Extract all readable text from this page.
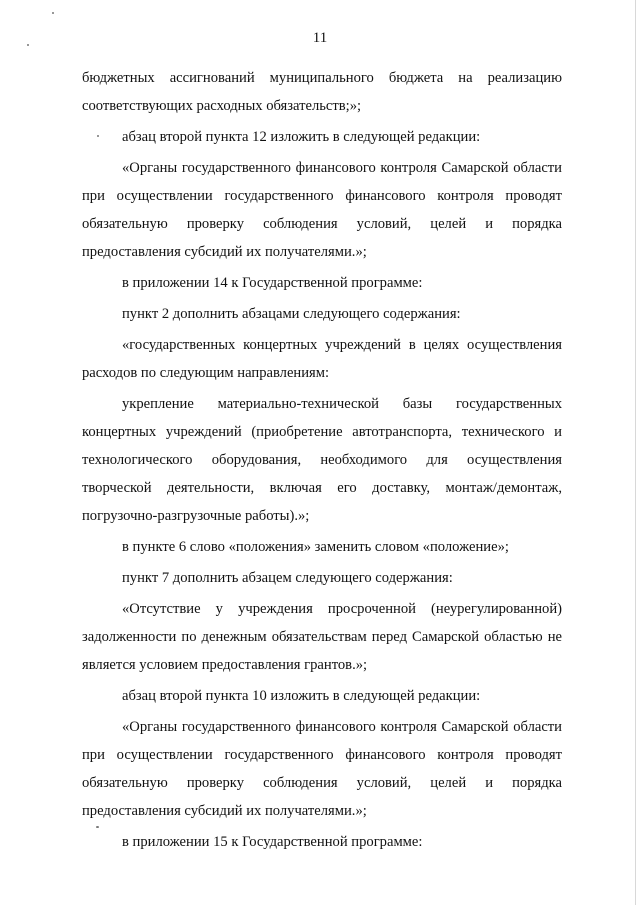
11

бюджетных ассигнований муниципального бюджета на реализацию соответствующих расходных обязательств;»;

абзац второй пункта 12 изложить в следующей редакции:

«Органы государственного финансового контроля Самарской области при осуществлении государственного финансового контроля проводят обязательную проверку соблюдения условий, целей и порядка предоставления субсидий их получателями.»;

в приложении 14 к Государственной программе:

пункт 2 дополнить абзацами следующего содержания:

«государственных концертных учреждений в целях осуществления расходов по следующим направлениям:

укрепление материально-технической базы государственных концертных учреждений (приобретение автотранспорта, технического и технологического оборудования, необходимого для осуществления творческой деятельности, включая его доставку, монтаж/демонтаж, погрузочно-разгрузочные работы).»;

в пункте 6 слово «положения» заменить словом «положение»;

пункт 7 дополнить абзацем следующего содержания:

«Отсутствие у учреждения просроченной (неурегулированной) задолженности по денежным обязательствам перед Самарской областью не является условием предоставления грантов.»;

абзац второй пункта 10 изложить в следующей редакции:

«Органы государственного финансового контроля Самарской области при осуществлении государственного финансового контроля проводят обязательную проверку соблюдения условий, целей и порядка предоставления субсидий их получателями.»;

в приложении 15 к Государственной программе:
